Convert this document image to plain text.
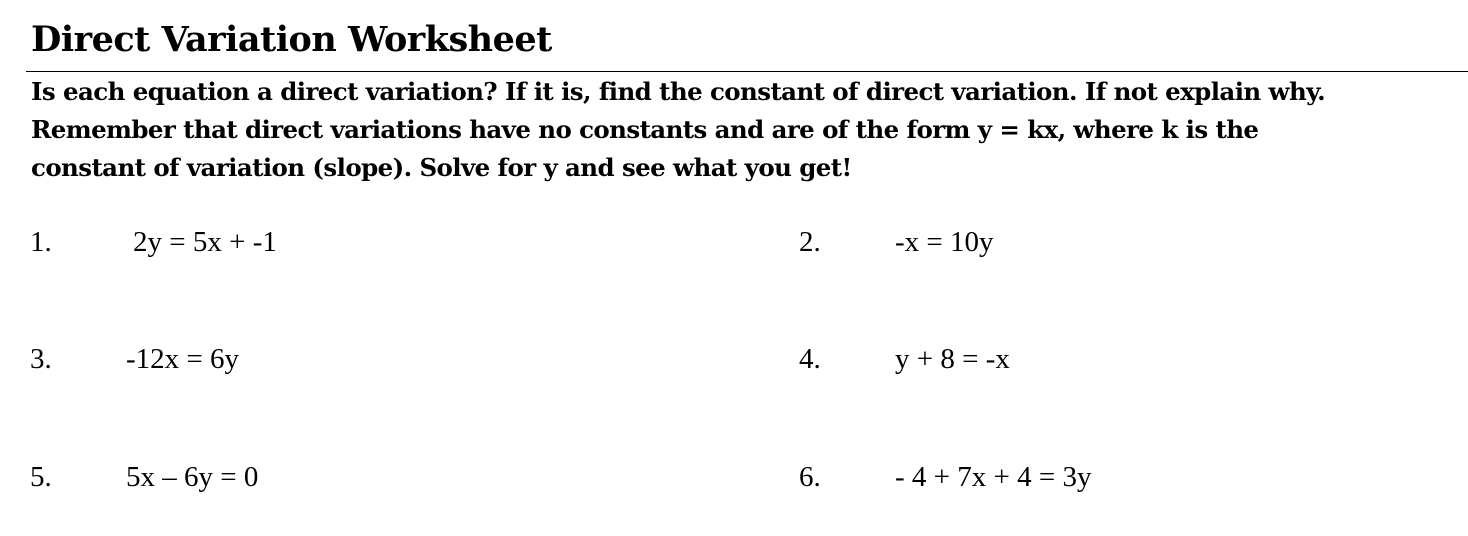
Direct Variation Worksheet
Is each equation a direct variation? If it is, find the constant of direct variation. If not explain why.
Remember that direct variations have no constants and are of the form y = kx, where k is the
constant of variation (slope). Solve for y and see what you get!
1.	2y = 5x + -1	2.	-x = 10y
3.	-12x = 6y	4.	y + 8 = -x
5.	5x – 6y = 0	6.	- 4 + 7x + 4 = 3y
